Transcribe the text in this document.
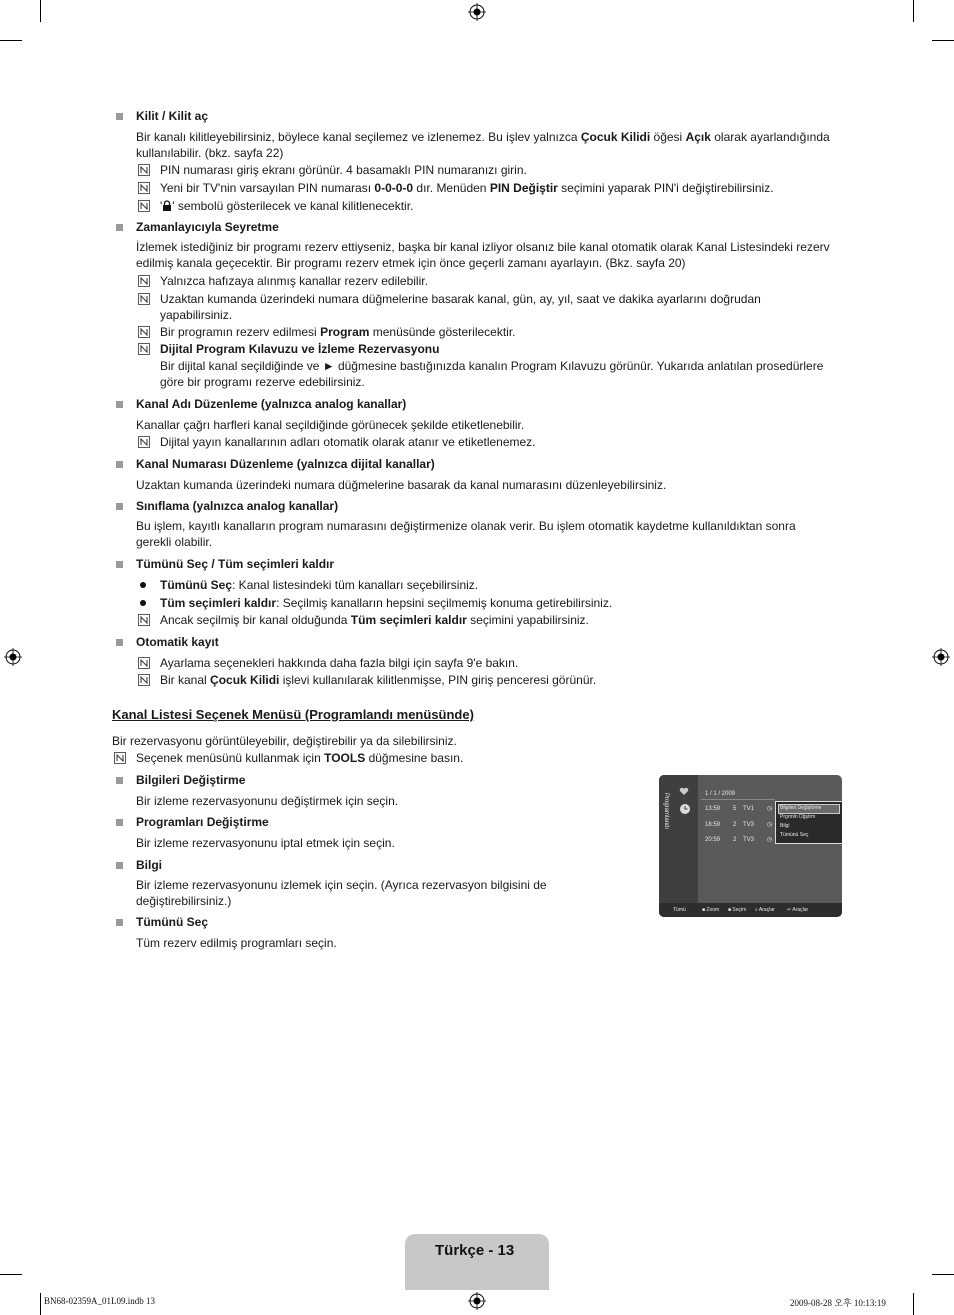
Kilit / Kilit aç
Bir kanalı kilitleyebilirsiniz, böylece kanal seçilemez ve izlenemez. Bu işlev yalnızca Çocuk Kilidi öğesi Açık olarak ayarlandığında kullanılabilir. (bkz. sayfa 22)
PIN numarası giriş ekranı görünür. 4 basamaklı PIN numaranızı girin.
Yeni bir TV'nin varsayılan PIN numarası 0-0-0-0 dır. Menüden PIN Değiştir seçimini yaparak PIN'i değiştirebilirsiniz.
' ' sembolü gösterilecek ve kanal kilitlenecektir.
Zamanlayıcıyla Seyretme
İzlemek istediğiniz bir programı rezerv ettiyseniz, başka bir kanal izliyor olsanız bile kanal otomatik olarak Kanal Listesindeki rezerv edilmiş kanala geçecektir. Bir programı rezerv etmek için önce geçerli zamanı ayarlayın. (Bkz. sayfa 20)
Yalnızca hafızaya alınmış kanallar rezerv edilebilir.
Uzaktan kumanda üzerindeki numara düğmelerine basarak kanal, gün, ay, yıl, saat ve dakika ayarlarını doğrudan yapabilirsiniz.
Bir programın rezerv edilmesi Program menüsünde gösterilecektir.
Dijital Program Kılavuzu ve İzleme Rezervasyonu
Bir dijital kanal seçildiğinde ve ► düğmesine bastığınızda kanalın Program Kılavuzu görünür. Yukarıda anlatılan prosedürlere göre bir programı rezerve edebilirsiniz.
Kanal Adı Düzenleme (yalnızca analog kanallar)
Kanallar çağrı harfleri kanal seçildiğinde görünecek şekilde etiketlenebilir.
Dijital yayın kanallarının adları otomatik olarak atanır ve etiketlenemez.
Kanal Numarası Düzenleme (yalnızca dijital kanallar)
Uzaktan kumanda üzerindeki numara düğmelerine basarak da kanal numarasını düzenleyebilirsiniz.
Sınıflama (yalnızca analog kanallar)
Bu işlem, kayıtlı kanalların program numarasını değiştirmenize olanak verir. Bu işlem otomatik kaydetme kullanıldıktan sonra gerekli olabilir.
Tümünü Seç / Tüm seçimleri kaldır
Tümünü Seç: Kanal listesindeki tüm kanalları seçebilirsiniz.
Tüm seçimleri kaldır: Seçilmiş kanalların hepsini seçilmemiş konuma getirebilirsiniz.
Ancak seçilmiş bir kanal olduğunda Tüm seçimleri kaldır seçimini yapabilirsiniz.
Otomatik kayıt
Ayarlama seçenekleri hakkında daha fazla bilgi için sayfa 9'e bakın.
Bir kanal Çocuk Kilidi işlevi kullanılarak kilitlenmişse, PIN giriş penceresi görünür.
Kanal Listesi Seçenek Menüsü (Programlandı menüsünde)
Bir rezervasyonu görüntüleyebilir, değiştirebilir ya da silebilirsiniz.
Seçenek menüsünü kullanmak için TOOLS düğmesine basın.
Bilgileri Değiştirme
Bir izleme rezervasyonunu değiştirmek için seçin.
Programları Değiştirme
Bir izleme rezervasyonunu iptal etmek için seçin.
Bilgi
Bir izleme rezervasyonunu izlemek için seçin. (Ayrıca rezervasyon bilgisini de değiştirebilirsiniz.)
Tümünü Seç
Tüm rezerv edilmiş programları seçin.
Programlandı	1 / 1 / 2009
13:59 5 TV1 ◷
18:59 2 TV3 ◷
20:59 2 TV3 ◷
Bilgileri Değiştirme
Prgrmlrı Dğştrm
Bilgi
Tümünü Seç
Tümü	■ Zoom ■ Seçim ⌕ Araçlar ↵ Araçlar
Türkçe - 13
BN68-02359A_01L09.indb 13	2009-08-28 오후 10:13:19
